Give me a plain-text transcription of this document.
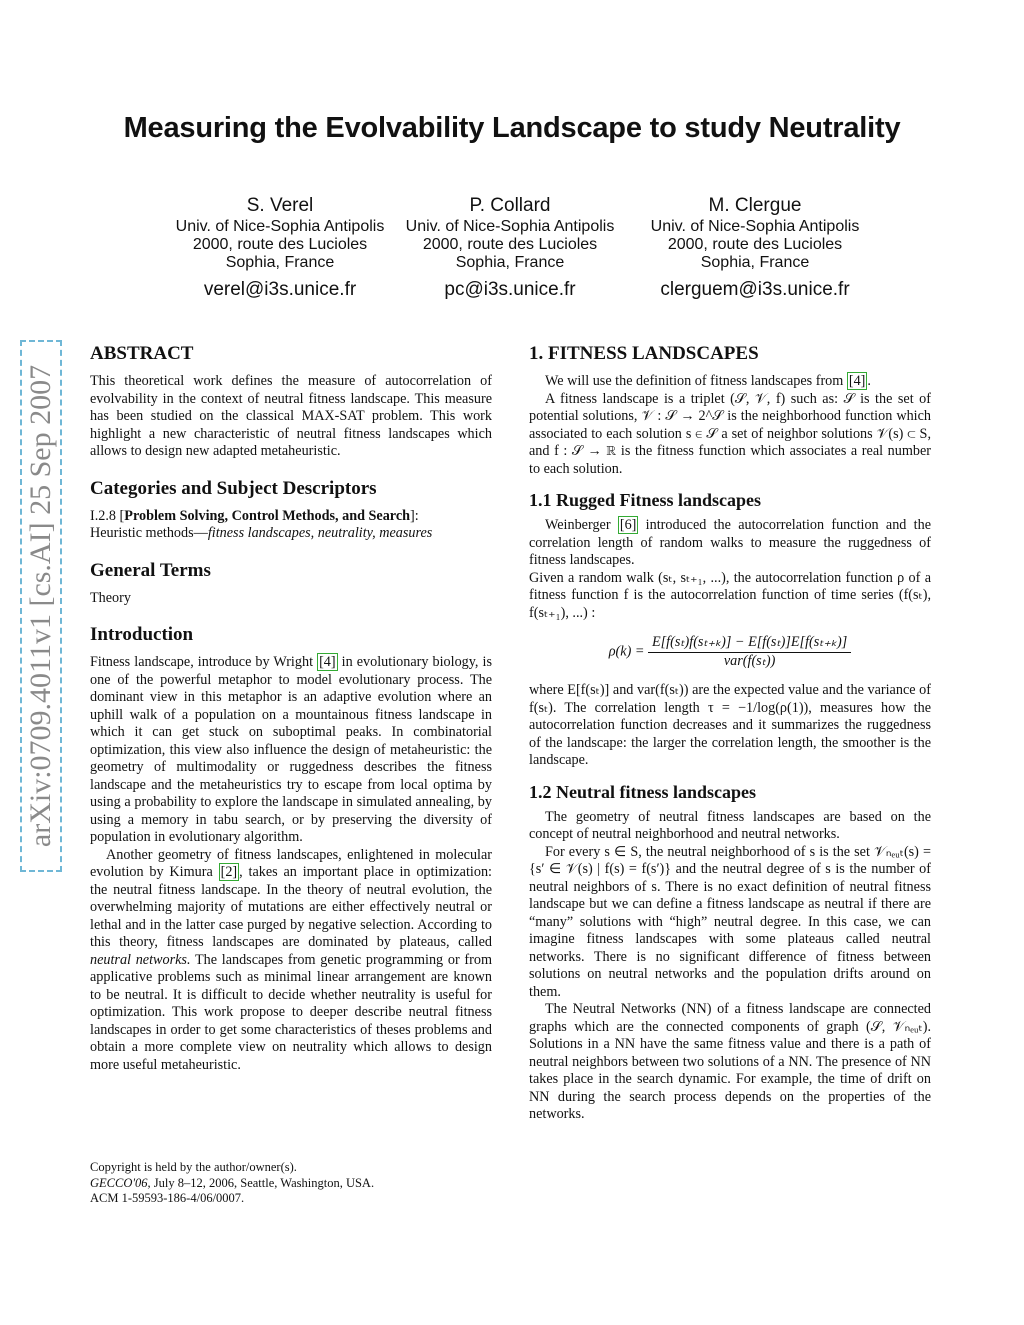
Measuring the Evolvability Landscape to study Neutrality
S. Verel
Univ. of Nice-Sophia Antipolis
2000, route des Lucioles
Sophia, France
verel@i3s.unice.fr
P. Collard
Univ. of Nice-Sophia Antipolis
2000, route des Lucioles
Sophia, France
pc@i3s.unice.fr
M. Clergue
Univ. of Nice-Sophia Antipolis
2000, route des Lucioles
Sophia, France
clerguem@i3s.unice.fr
arXiv:0709.4011v1 [cs.AI] 25 Sep 2007
ABSTRACT

This theoretical work defines the measure of autocorrelation of evolvability in the context of neutral fitness landscape. This measure has been studied on the classical MAX-SAT problem. This work highlight a new characteristic of neutral fitness landscapes which allows to design new adapted metaheuristic.

Categories and Subject Descriptors

I.2.8 [Problem Solving, Control Methods, and Search]:
Heuristic methods—fitness landscapes, neutrality, measures

General Terms

Theory

Introduction

Fitness landscape, introduce by Wright [4] in evolutionary biology, is one of the powerful metaphor to model evolutionary process. The dominant view in this metaphor is an adaptive evolution where an uphill walk of a population on a mountainous fitness landscape in which it can get stuck on suboptimal peaks. In combinatorial optimization, this view also influence the design of metaheuristic: the geometry of multimodality or ruggedness describes the fitness landscape and the metaheuristics try to escape from local optima by using a probability to explore the landscape in simulated annealing, by using a memory in tabu search, or by preserving the diversity of population in evolutionary algorithm.

Another geometry of fitness landscapes, enlightened in molecular evolution by Kimura [2] , takes an important place in optimization: the neutral fitness landscape. In the theory of neutral evolution, the overwhelming majority of mutations are either effectively neutral or lethal and in the latter case purged by negative selection. According to this theory, fitness landscapes are dominated by plateaus, called neutral networks. The landscapes from genetic programming or from applicative problems such as minimal linear arrangement are known to be neutral. It is difficult to decide whether neutrality is useful for optimization. This work propose to deeper describe neutral fitness landscapes in order to get some characteristics of theses problems and obtain a more complete view on neutrality which allows to design more useful metaheuristic.

Copyright is held by the author/owner(s).
GECCO'06, July 8–12, 2006, Seattle, Washington, USA.
ACM 1-59593-186-4/06/0007.
1. FITNESS LANDSCAPES

We will use the definition of fitness landscapes from [4] .

A fitness landscape is a triplet (𝒮, 𝒱, f) such as: 𝒮 is the set of potential solutions, 𝒱 : 𝒮 → 2^𝒮 is the neighborhood function which associated to each solution s ∈ 𝒮 a set of neighbor solutions 𝒱(s) ⊂ S, and f : 𝒮 → ℝ is the fitness function which associates a real number to each solution.

1.1 Rugged Fitness landscapes

Weinberger [6] introduced the autocorrelation function and the correlation length of random walks to measure the ruggedness of fitness landscapes.

Given a random walk (sₜ, sₜ₊₁, ...), the autocorrelation function ρ of a fitness function f is the autocorrelation function of time series (f(sₜ), f(sₜ₊₁), ...) :

$\rho(k) = \frac{\text{E[f(sₜ)f(sₜ₊ₖ)] − E[f(sₜ)]E[f(sₜ₊ₖ)]}}{\text{var(f(sₜ))}}$

where E[f(sₜ)] and var(f(sₜ)) are the expected value and the variance of f(sₜ). The correlation length τ = −1/log(ρ(1)), measures how the autocorrelation function decreases and it summarizes the ruggedness of the landscape: the larger the correlation length, the smoother is the landscape.

1.2 Neutral fitness landscapes

The geometry of neutral fitness landscapes are based on the concept of neutral neighborhood and neutral networks.

For every s ∈ S, the neutral neighborhood of s is the set 𝒱ₙₑᵤₜ(s) = {s′ ∈ 𝒱(s) | f(s) = f(s′)} and the neutral degree of s is the number of neutral neighbors of s. There is no exact definition of neutral fitness landscape but we can define a fitness landscape as neutral if there are “many” solutions with “high” neutral degree. In this case, we can imagine fitness landscapes with some plateaus called neutral networks. There is no significant difference of fitness between solutions on neutral networks and the population drifts around on them.

The Neutral Networks (NN) of a fitness landscape are connected graphs which are the connected components of graph (𝒮, 𝒱ₙₑᵤₜ). Solutions in a NN have the same fitness value and there is a path of neutral neighbors between two solutions of a NN. The presence of NN takes place in the search dynamic. For example, the time of drift on NN during the search process depends on the properties of the networks.
